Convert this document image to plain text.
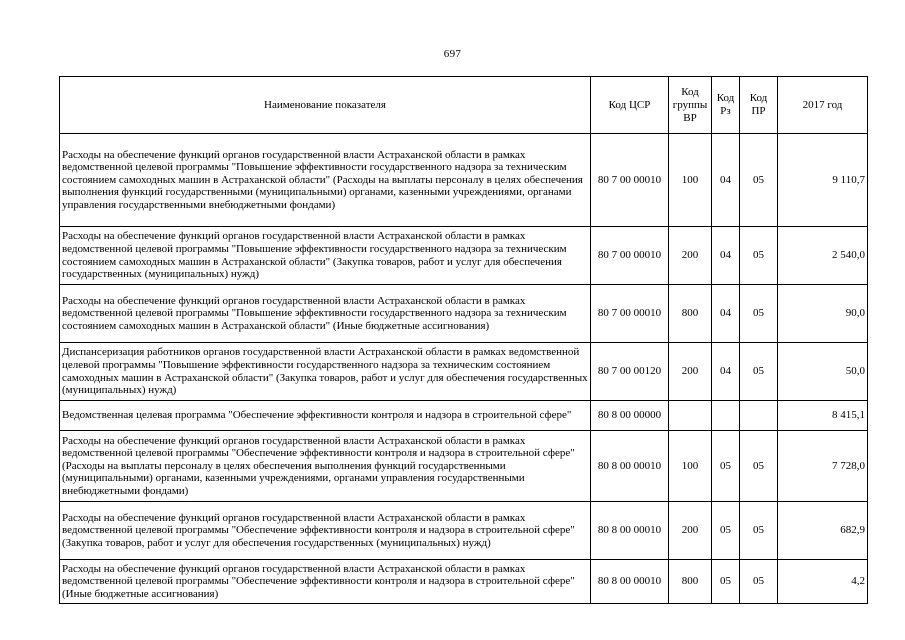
697
Наименование показателя	Код ЦСР	Код группы ВР	Код Рз	Код ПР	2017 год
Расходы на обеспечение функций органов государственной власти Астраханской области в рамках ведомственной целевой программы "Повышение эффективности государственного надзора за техническим состоянием самоходных машин в Астраханской области" (Расходы на выплаты персоналу в целях обеспечения выполнения функций государственными (муниципальными) органами, казенными учреждениями, органами управления государственными внебюджетными фондами)	80 7 00 00010	100	04	05	9 110,7
Расходы на обеспечение функций органов государственной власти Астраханской области в рамках ведомственной целевой программы "Повышение эффективности государственного надзора за техническим состоянием самоходных машин в Астраханской области" (Закупка товаров, работ и услуг для обеспечения государственных (муниципальных) нужд)	80 7 00 00010	200	04	05	2 540,0
Расходы на обеспечение функций органов государственной власти Астраханской области в рамках ведомственной целевой программы "Повышение эффективности государственного надзора за техническим состоянием самоходных машин в Астраханской области" (Иные бюджетные ассигнования)	80 7 00 00010	800	04	05	90,0
Диспансеризация работников органов государственной власти Астраханской области в рамках ведомственной целевой программы "Повышение эффективности государственного надзора за техническим состоянием самоходных машин в Астраханской области" (Закупка товаров, работ и услуг для обеспечения государственных (муниципальных) нужд)	80 7 00 00120	200	04	05	50,0
Ведомственная целевая программа "Обеспечение эффективности контроля и надзора в строительной сфере"	80 8 00 00000				8 415,1
Расходы на обеспечение функций органов государственной власти Астраханской области в рамках ведомственной целевой программы "Обеспечение эффективности контроля и надзора в строительной сфере" (Расходы на выплаты персоналу в целях обеспечения выполнения функций государственными (муниципальными) органами, казенными учреждениями, органами управления государственными внебюджетными фондами)	80 8 00 00010	100	05	05	7 728,0
Расходы на обеспечение функций органов государственной власти Астраханской области в рамках ведомственной целевой программы "Обеспечение эффективности контроля и надзора в строительной сфере" (Закупка товаров, работ и услуг для обеспечения государственных (муниципальных) нужд)	80 8 00 00010	200	05	05	682,9
Расходы на обеспечение функций органов государственной власти Астраханской области в рамках ведомственной целевой программы "Обеспечение эффективности контроля и надзора в строительной сфере" (Иные бюджетные ассигнования)	80 8 00 00010	800	05	05	4,2
